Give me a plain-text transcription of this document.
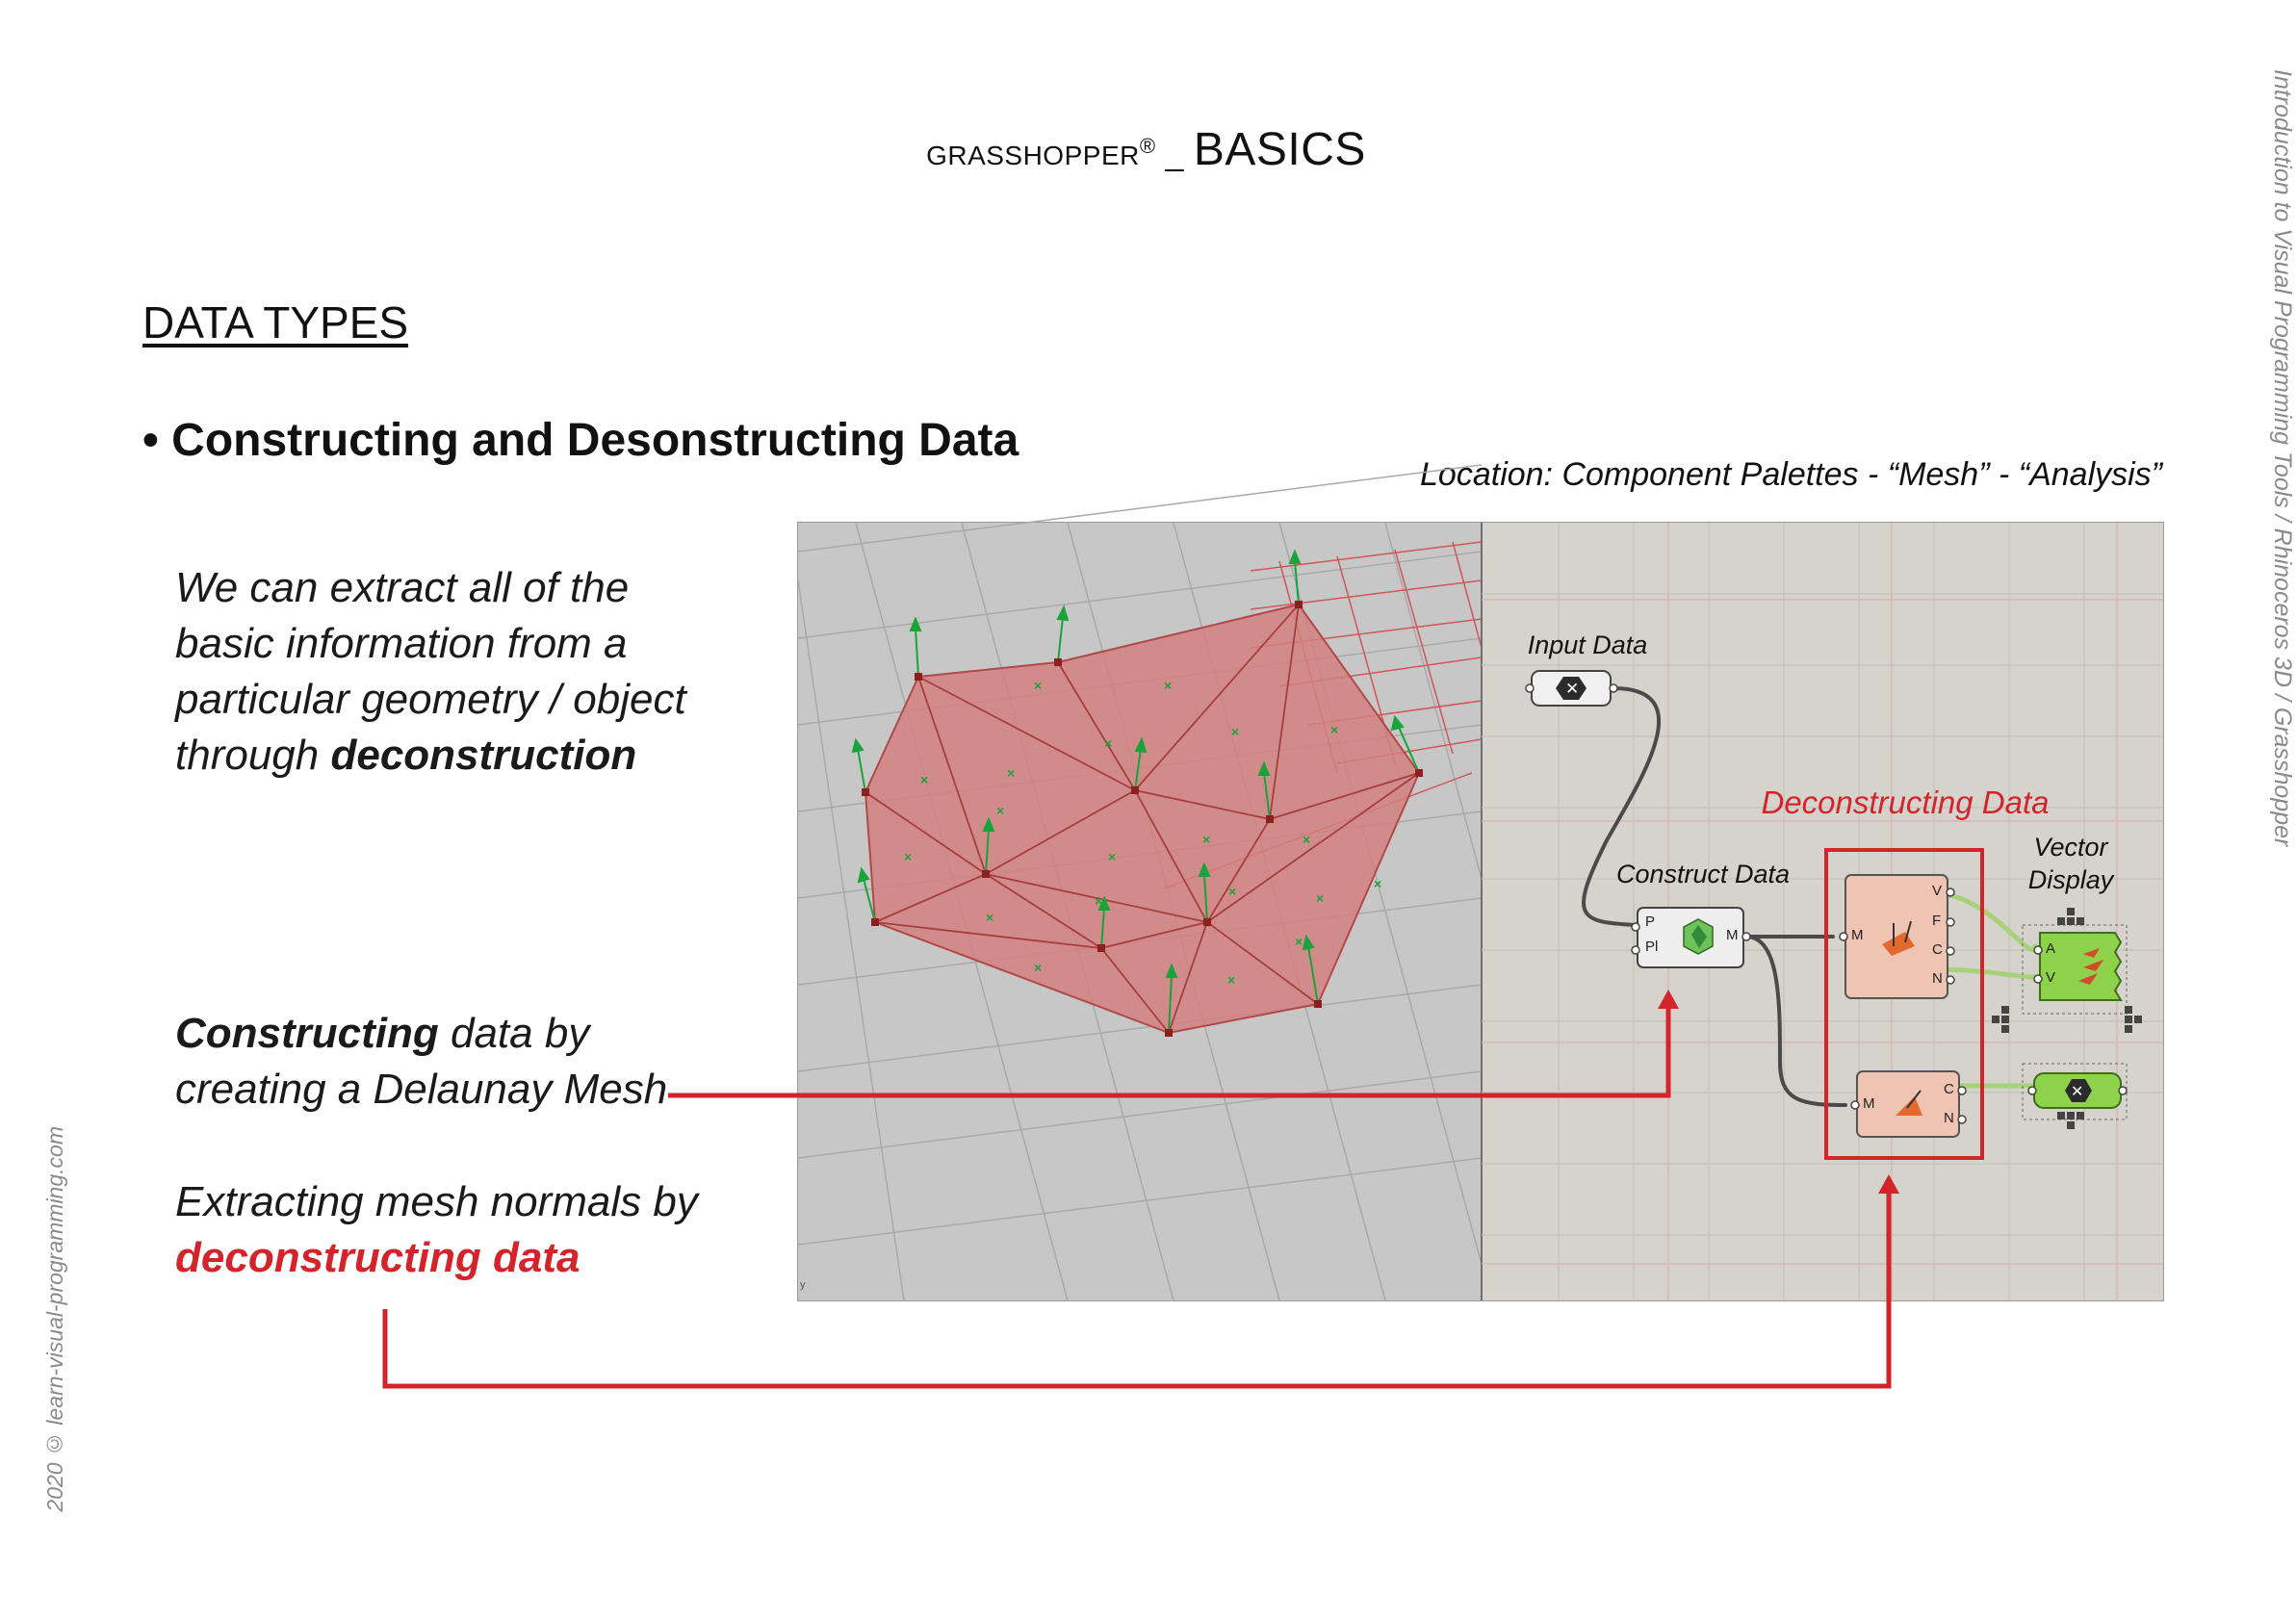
GRASSHOPPER® _ BASICS
DATA TYPES
• Constructing and Desonstructing Data
Location: Component Palettes - “Mesh” - “Analysis”
We can extract all of the
basic information from a
particular geometry / object
through deconstruction
Constructing data by
creating a Delaunay Mesh
Extracting mesh normals by
deconstructing data
Introduction to Visual Programming Tools / Rhinoceros 3D / Grasshopper
2020 © learn-visual-programming.com
×	×
×	×
×	×
×
×
×
×
×	×
×	×
×
×
×
×
×
×
y
✕
✕
Input Data
Construct Data
Deconstructing Data
Vector
Display
P
Pl
M	M
V
F
C
N
M
C
N
A
V
